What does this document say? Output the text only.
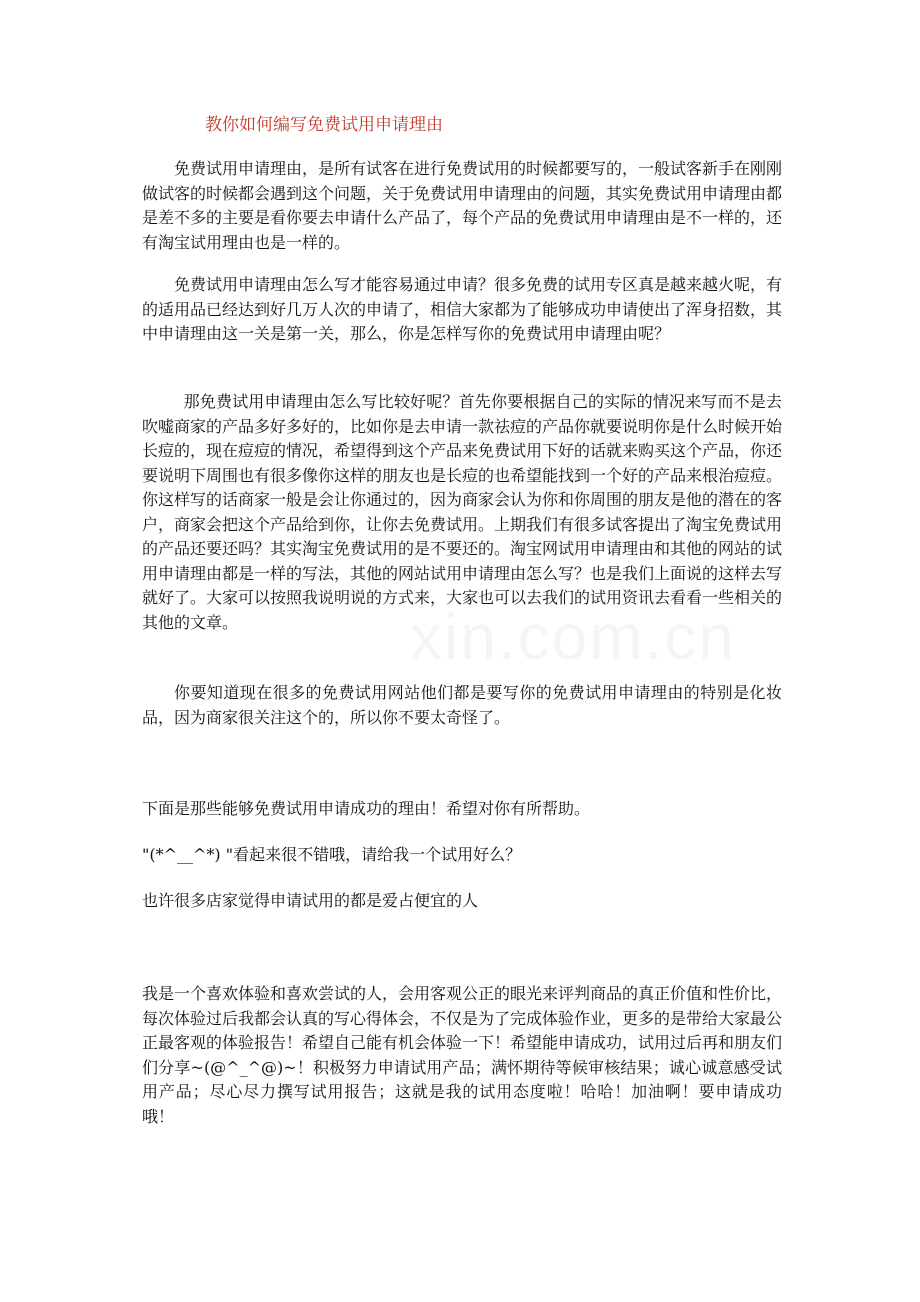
教你如何编写免费试用申请理由

免费试用申请理由，是所有试客在进行免费试用的时候都要写的，一般试客新手在刚刚做试客的时候都会遇到这个问题，关于免费试用申请理由的问题，其实免费试用申请理由都是差不多的主要是看你要去申请什么产品了，每个产品的免费试用申请理由是不一样的，还有淘宝试用理由也是一样的。

免费试用申请理由怎么写才能容易通过申请？很多免费的试用专区真是越来越火呢，有的适用品已经达到好几万人次的申请了，相信大家都为了能够成功申请使出了浑身招数，其中申请理由这一关是第一关，那么，你是怎样写你的免费试用申请理由呢？

那免费试用申请理由怎么写比较好呢？首先你要根据自己的实际的情况来写而不是去吹嘘商家的产品多好多好的，比如你是去申请一款祛痘的产品你就要说明你是什么时候开始长痘的，现在痘痘的情况，希望得到这个产品来免费试用下好的话就来购买这个产品，你还要说明下周围也有很多像你这样的朋友也是长痘的也希望能找到一个好的产品来根治痘痘。你这样写的话商家一般是会让你通过的，因为商家会认为你和你周围的朋友是他的潜在的客户，商家会把这个产品给到你，让你去免费试用。上期我们有很多试客提出了淘宝免费试用的产品还要还吗？其实淘宝免费试用的是不要还的。淘宝网试用申请理由和其他的网站的试用申请理由都是一样的写法，其他的网站试用申请理由怎么写？也是我们上面说的这样去写就好了。大家可以按照我说明说的方式来，大家也可以去我们的试用资讯去看看一些相关的其他的文章。

你要知道现在很多的免费试用网站他们都是要写你的免费试用申请理由的特别是化妆品，因为商家很关注这个的，所以你不要太奇怪了。

下面是那些能够免费试用申请成功的理由！希望对你有所帮助。

"(*^__^*) "看起来很不错哦，请给我一个试用好么？

也许很多店家觉得申请试用的都是爱占便宜的人

我是一个喜欢体验和喜欢尝试的人，会用客观公正的眼光来评判商品的真正价值和性价比，每次体验过后我都会认真的写心得体会，不仅是为了完成体验作业，更多的是带给大家最公正最客观的体验报告！希望自己能有机会体验一下！希望能申请成功，试用过后再和朋友们们分享~(@^_^@)~！积极努力申请试用产品；满怀期待等候审核结果；诚心诚意感受试用产品；尽心尽力撰写试用报告；这就是我的试用态度啦！哈哈！加油啊！要申请成功 哦！

xin.com.cn
